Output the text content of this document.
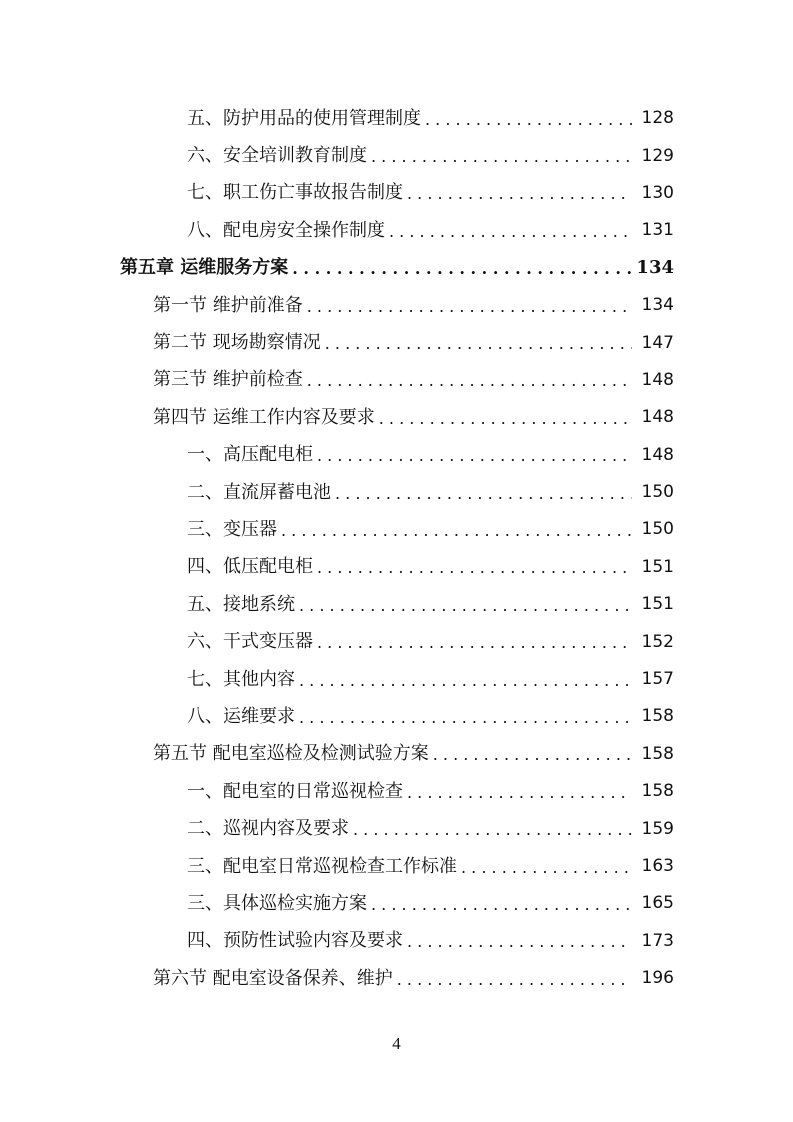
五、防护用品的使用管理制度 . . .	128
六、安全培训教育制度 . . .	129
七、职工伤亡事故报告制度 . . .	130
八、配电房安全操作制度 . . .	131
第五章 运维服务方案 . . .	134
第一节 维护前准备 . . .	134
第二节 现场勘察情况 . . .	147
第三节 维护前检查 . . .	148
第四节 运维工作内容及要求 . . .	148
一、高压配电柜 . . .	148
二、直流屏蓄电池 . . .	150
三、变压器 . . .	150
四、低压配电柜 . . .	151
五、接地系统 . . .	151
六、干式变压器 . . .	152
七、其他内容 . . .	157
八、运维要求 . . .	158
第五节 配电室巡检及检测试验方案 . . .	158
一、配电室的日常巡视检查 . . .	158
二、巡视内容及要求 . . .	159
三、配电室日常巡视检查工作标准 . . .	163
三、具体巡检实施方案 . . .	165
四、预防性试验内容及要求 . . .	173
第六节 配电室设备保养、维护 . . .	196
4
